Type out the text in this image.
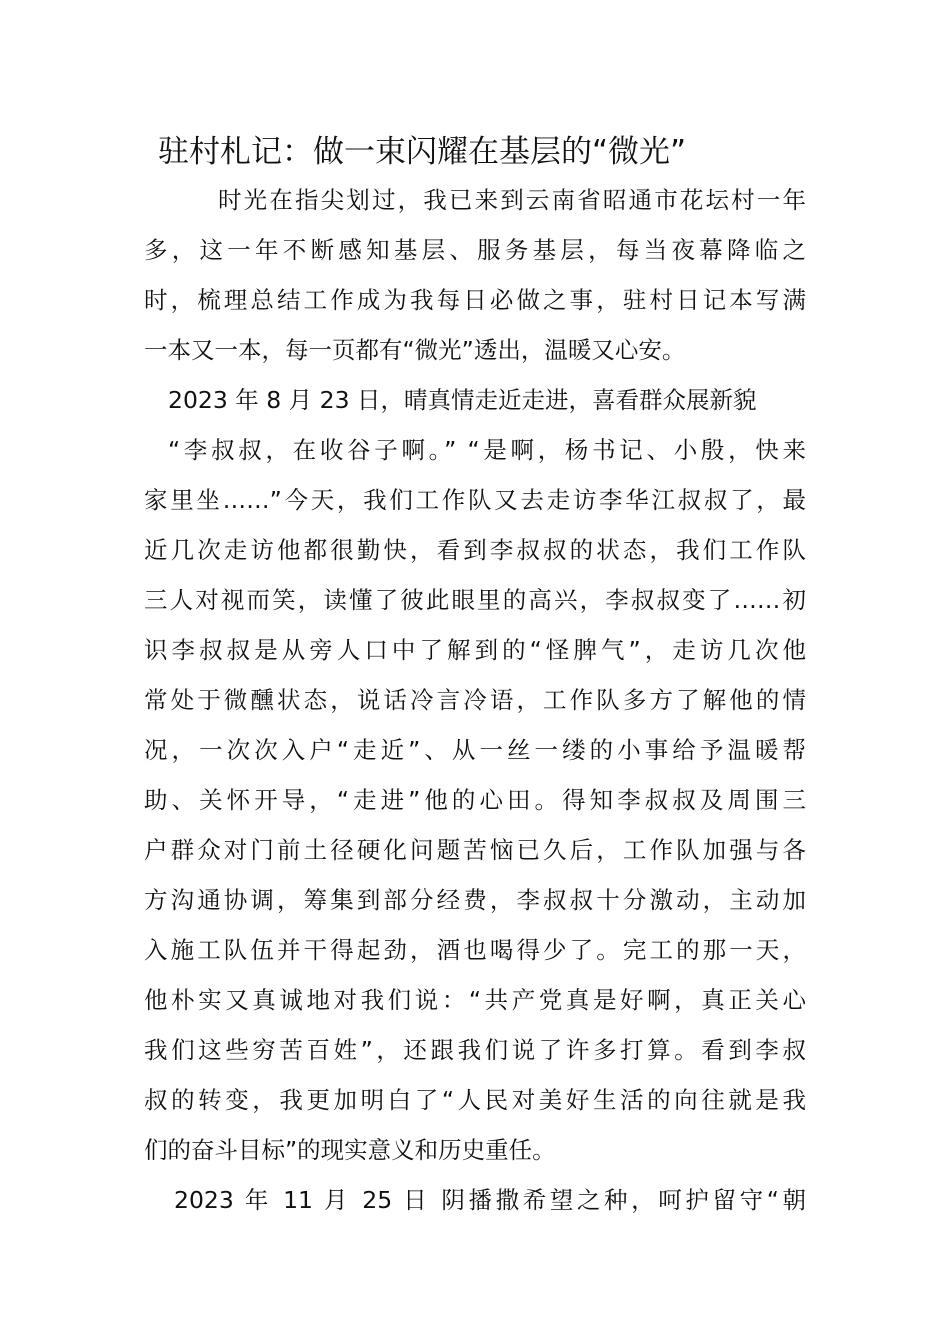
驻村札记：做一束闪耀在基层的“微光”
时光在指尖划过，我已来到云南省昭通市花坛村一年
多，这一年不断感知基层、服务基层，每当夜幕降临之
时，梳理总结工作成为我每日必做之事，驻村日记本写满
一本又一本，每一页都有“微光”透出，温暖又心安。
2023 年 8 月 23 日，晴真情走近走进，喜看群众展新貌
“李叔叔，在收谷子啊。” “是啊，杨书记、小殷，快来
家里坐……”今天，我们工作队又去走访李华江叔叔了，最
近几次走访他都很勤快，看到李叔叔的状态，我们工作队
三人对视而笑，读懂了彼此眼里的高兴，李叔叔变了……初
识李叔叔是从旁人口中了解到的“怪脾气”，走访几次他
常处于微醺状态，说话冷言冷语，工作队多方了解他的情
况，一次次入户“走近”、从一丝一缕的小事给予温暖帮
助、关怀开导，“走进”他的心田。得知李叔叔及周围三
户群众对门前土径硬化问题苦恼已久后，工作队加强与各
方沟通协调，筹集到部分经费，李叔叔十分激动，主动加
入施工队伍并干得起劲，酒也喝得少了。完工的那一天，
他朴实又真诚地对我们说：“共产党真是好啊，真正关心
我们这些穷苦百姓”，还跟我们说了许多打算。看到李叔
叔的转变，我更加明白了“人民对美好生活的向往就是我
们的奋斗目标”的现实意义和历史重任。
2023 年 11 月 25 日 阴播撒希望之种，呵护留守“朝
